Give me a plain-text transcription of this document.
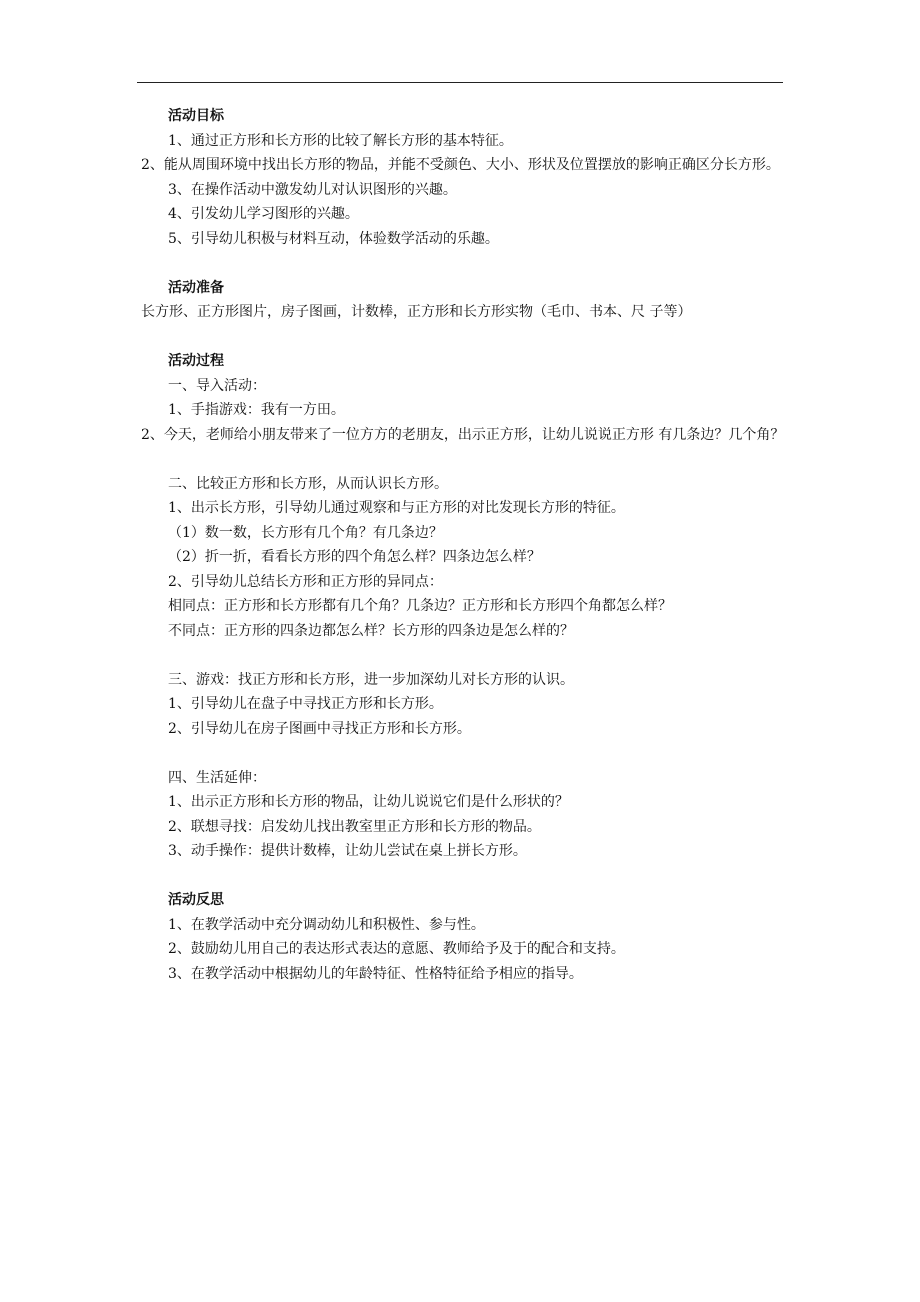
活动目标

1、通过正方形和长方形的比较了解长方形的基本特征。

2、能从周围环境中找出长方形的物品，并能不受颜色、大小、形状及位置摆放的影响正确区分长方形。

3、在操作活动中激发幼儿对认识图形的兴趣。

4、引发幼儿学习图形的兴趣。

5、引导幼儿积极与材料互动，体验数学活动的乐趣。

活动准备

长方形、正方形图片，房子图画，计数棒，正方形和长方形实物（毛巾、书本、尺 子等）

活动过程

一、导入活动：

1、手指游戏：我有一方田。

2、今天，老师给小朋友带来了一位方方的老朋友，出示正方形，让幼儿说说正方形 有几条边？几个角？

二、比较正方形和长方形，从而认识长方形。

1、出示长方形，引导幼儿通过观察和与正方形的对比发现长方形的特征。

（1）数一数，长方形有几个角？有几条边？

（2）折一折，看看长方形的四个角怎么样？四条边怎么样？

2、引导幼儿总结长方形和正方形的异同点：

相同点：正方形和长方形都有几个角？几条边？正方形和长方形四个角都怎么样？

不同点：正方形的四条边都怎么样？长方形的四条边是怎么样的？

三、游戏：找正方形和长方形，进一步加深幼儿对长方形的认识。

1、引导幼儿在盘子中寻找正方形和长方形。

2、引导幼儿在房子图画中寻找正方形和长方形。

四、生活延伸：

1、出示正方形和长方形的物品，让幼儿说说它们是什么形状的？

2、联想寻找：启发幼儿找出教室里正方形和长方形的物品。

3、动手操作：提供计数棒，让幼儿尝试在桌上拼长方形。

活动反思

1、在教学活动中充分调动幼儿和积极性、参与性。

2、鼓励幼儿用自己的表达形式表达的意愿、教师给予及于的配合和支持。

3、在教学活动中根据幼儿的年龄特征、性格特征给予相应的指导。
